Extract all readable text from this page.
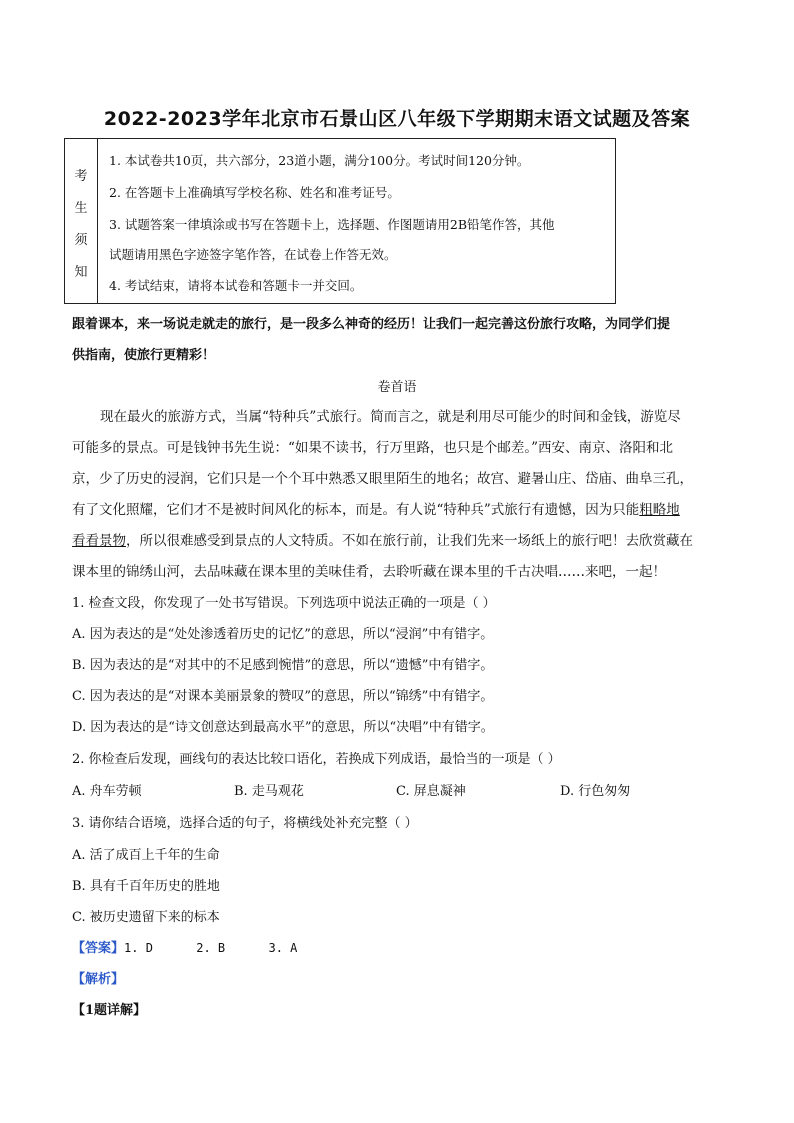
2022-2023学年北京市石景山区八年级下学期期末语文试题及答案
考
生
须
知
1. 本试卷共10页，共六部分，23道小题，满分100分。考试时间120分钟。
2. 在答题卡上准确填写学校名称、姓名和准考证号。
3. 试题答案一律填涂或书写在答题卡上，选择题、作图题请用2B铅笔作答，其他
试题请用黑色字迹签字笔作答，在试卷上作答无效。
4. 考试结束，请将本试卷和答题卡一并交回。
跟着课本，来一场说走就走的旅行，是一段多么神奇的经历！让我们一起完善这份旅行攻略，为同学们提
供指南，使旅行更精彩！
卷首语
现在最火的旅游方式，当属“特种兵”式旅行。简而言之，就是利用尽可能少的时间和金钱，游览尽
可能多的景点。可是钱钟书先生说：“如果不读书，行万里路，也只是个邮差。”西安、南京、洛阳和北
京，少了历史的浸润，它们只是一个个耳中熟悉又眼里陌生的地名；故宫、避暑山庄、岱庙、曲阜三孔，
有了文化照耀，它们才不是被时间风化的标本，而是。有人说“特种兵”式旅行有遗憾，因为只能粗略地
看看景物，所以很难感受到景点的人文特质。不如在旅行前，让我们先来一场纸上的旅行吧！去欣赏藏在
课本里的锦绣山河，去品味藏在课本里的美味佳肴，去聆听藏在课本里的千古决唱……来吧，一起！
1. 检查文段，你发现了一处书写错误。下列选项中说法正确的一项是（ ）
A. 因为表达的是“处处渗透着历史的记忆”的意思，所以“浸润”中有错字。
B. 因为表达的是“对其中的不足感到惋惜”的意思，所以“遗憾”中有错字。
C. 因为表达的是“对课本美丽景象的赞叹”的意思，所以“锦绣”中有错字。
D. 因为表达的是“诗文创意达到最高水平”的意思，所以“决唱”中有错字。
2. 你检查后发现，画线句的表达比较口语化，若换成下列成语，最恰当的一项是（ ）
A. 舟车劳顿	B. 走马观花	C. 屏息凝神	D. 行色匆匆
3. 请你结合语境，选择合适的句子，将横线处补充完整（ ）
A. 活了成百上千年的生命
B. 具有千百年历史的胜地
C. 被历史遗留下来的标本
【答案】1. D      2. B      3. A
【解析】
【1题详解】
